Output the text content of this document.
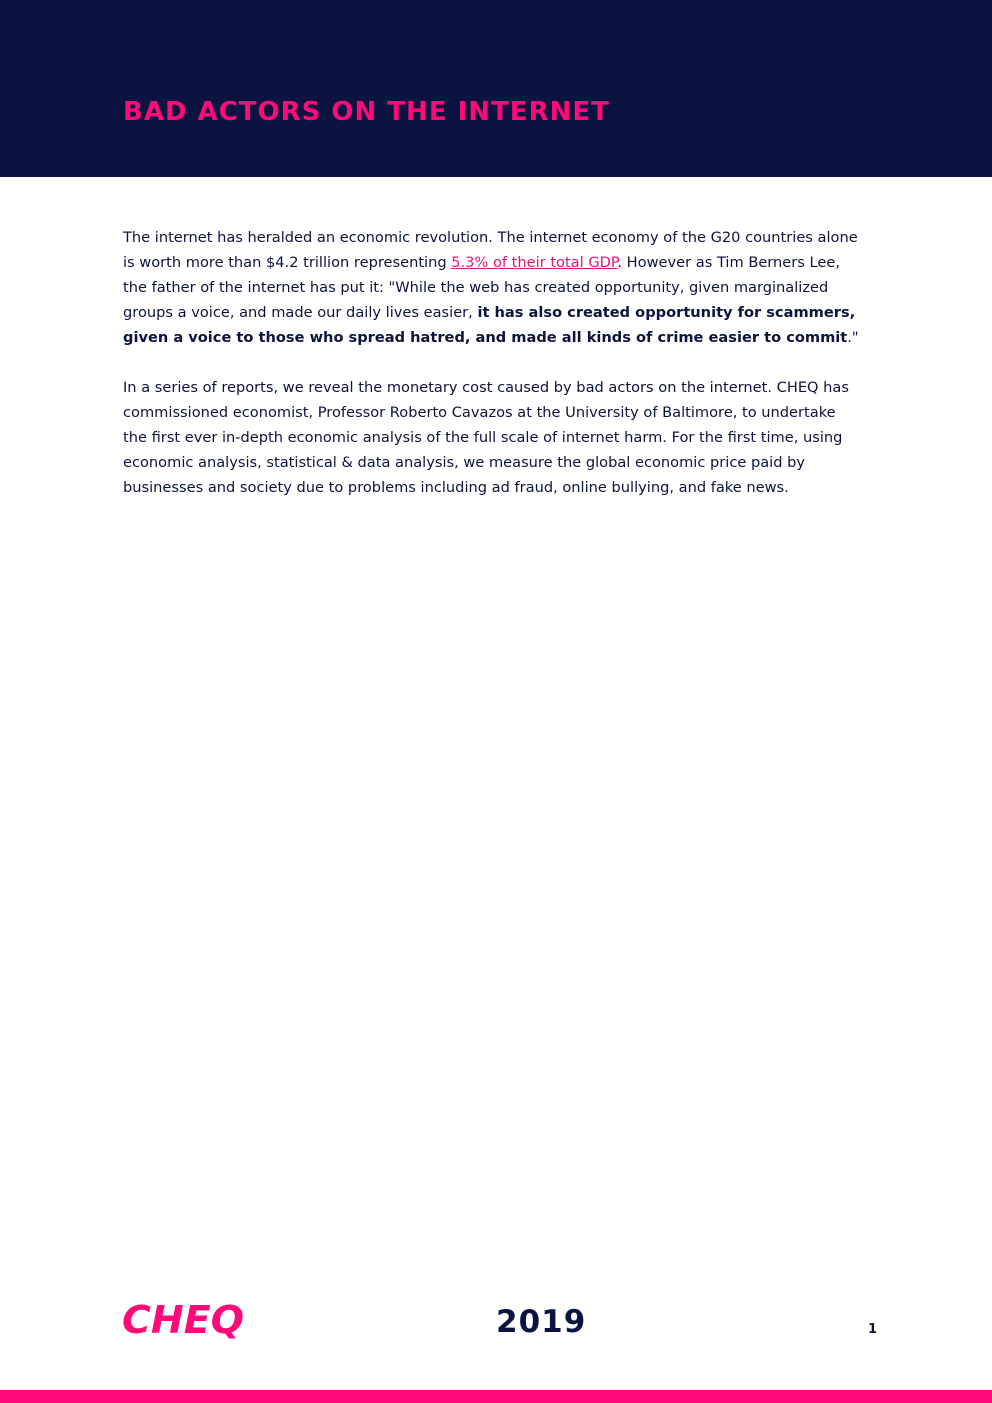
BAD ACTORS ON THE INTERNET

The internet has heralded an economic revolution. The internet economy of the G20 countries alone is worth more than $4.2 trillion representing 5.3% of their total GDP. However as Tim Berners Lee, the father of the internet has put it: "While the web has created opportunity, given marginalized groups a voice, and made our daily lives easier, it has also created opportunity for scammers, given a voice to those who spread hatred, and made all kinds of crime easier to commit."

In a series of reports, we reveal the monetary cost caused by bad actors on the internet. CHEQ has commissioned economist, Professor Roberto Cavazos at the University of Baltimore, to undertake the first ever in-depth economic analysis of the full scale of internet harm. For the first time, using economic analysis, statistical & data analysis, we measure the global economic price paid by businesses and society due to problems including ad fraud, online bullying, and fake news.

CHEQ	2019	1
